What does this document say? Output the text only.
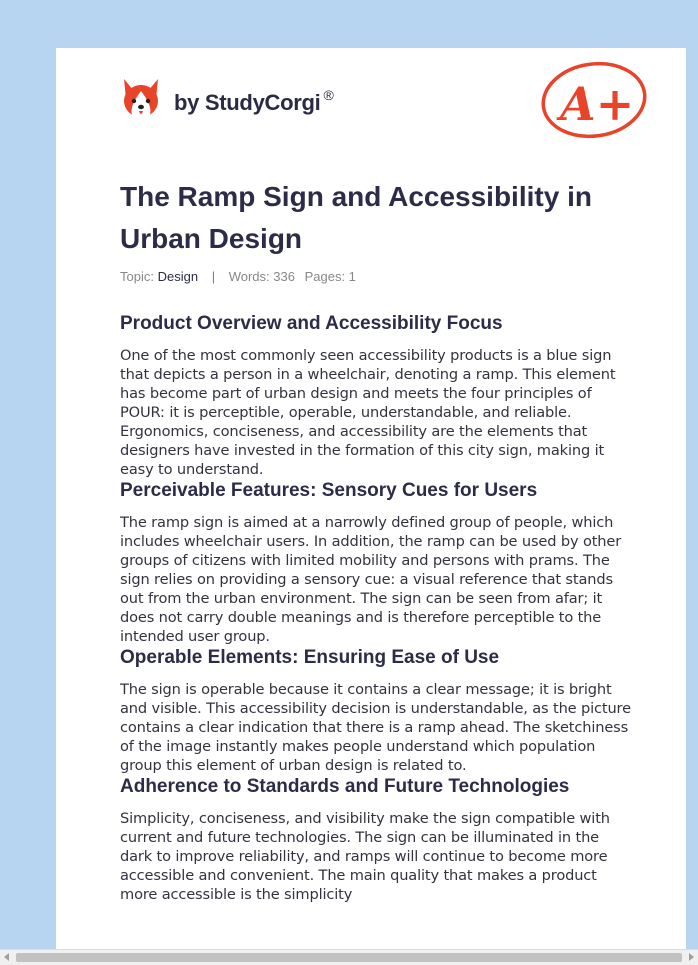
by StudyCorgi ®	A+
The Ramp Sign and Accessibility in Urban Design
Topic: Design | Words: 336 Pages: 1
Product Overview and Accessibility Focus

One of the most commonly seen accessibility products is a blue sign that depicts a person in a wheelchair, denoting a ramp. This element has become part of urban design and meets the four principles of POUR: it is perceptible, operable, understandable, and reliable. Ergonomics, conciseness, and accessibility are the elements that designers have invested in the formation of this city sign, making it easy to understand.

Perceivable Features: Sensory Cues for Users

The ramp sign is aimed at a narrowly defined group of people, which includes wheelchair users. In addition, the ramp can be used by other groups of citizens with limited mobility and persons with prams. The sign relies on providing a sensory cue: a visual reference that stands out from the urban environment. The sign can be seen from afar; it does not carry double meanings and is therefore perceptible to the intended user group.

Operable Elements: Ensuring Ease of Use

The sign is operable because it contains a clear message; it is bright and visible. This accessibility decision is understandable, as the picture contains a clear indication that there is a ramp ahead. The sketchiness of the image instantly makes people understand which population group this element of urban design is related to.

Adherence to Standards and Future Technologies

Simplicity, conciseness, and visibility make the sign compatible with current and future technologies. The sign can be illuminated in the dark to improve reliability, and ramps will continue to become more accessible and convenient. The main quality that makes a product more accessible is the simplicity
